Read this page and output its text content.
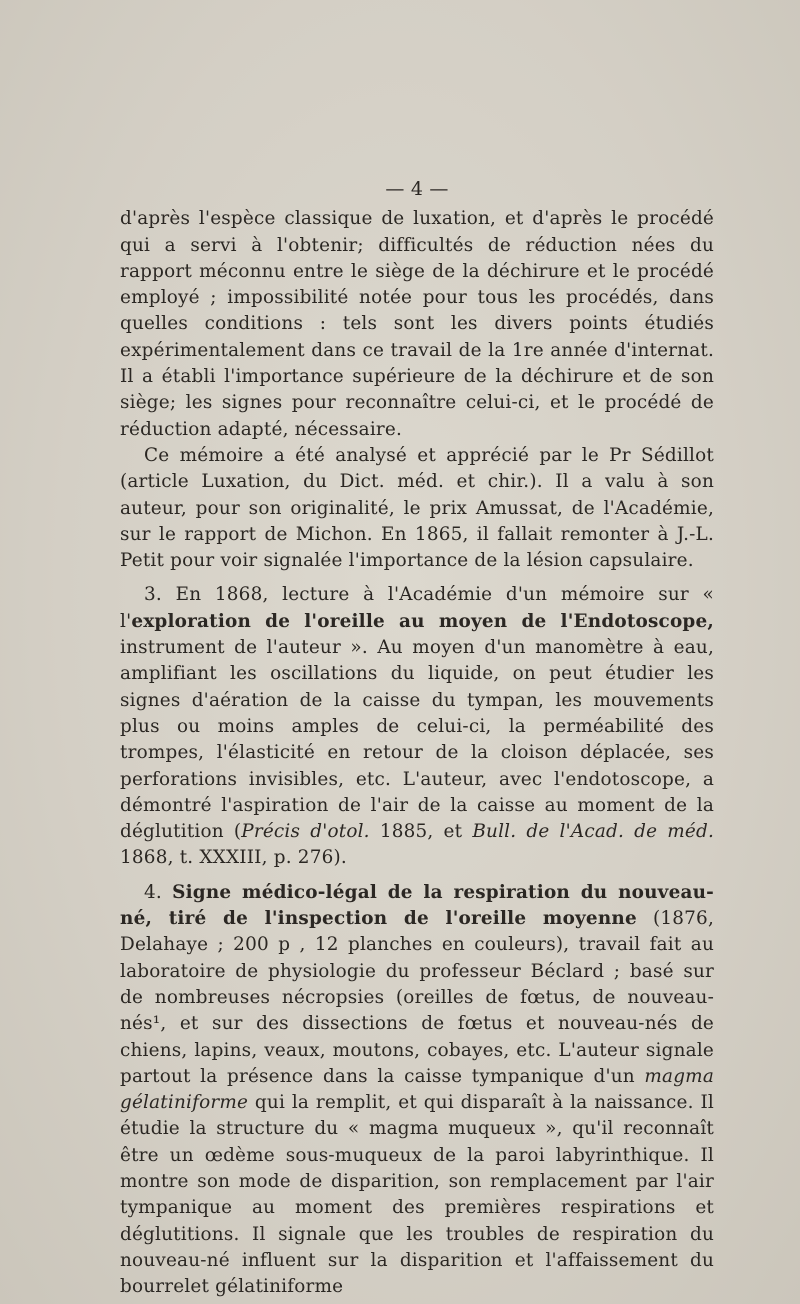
— 4 —

d'après l'espèce classique de luxation, et d'après le procédé qui a servi à l'obtenir; difficultés de réduction nées du rapport méconnu entre le siège de la déchirure et le procédé employé ; impossibilité notée pour tous les procédés, dans quelles conditions : tels sont les divers points étudiés expérimentalement dans ce travail de la 1re année d'internat. Il a établi l'importance supérieure de la déchirure et de son siège; les signes pour reconnaître celui-ci, et le procédé de réduction adapté, nécessaire.

Ce mémoire a été analysé et apprécié par le Pr Sédillot (article Luxation, du Dict. méd. et chir.). Il a valu à son auteur, pour son originalité, le prix Amussat, de l'Académie, sur le rapport de Michon. En 1865, il fallait remonter à J.-L. Petit pour voir signalée l'importance de la lésion capsulaire.

3. En 1868, lecture à l'Académie d'un mémoire sur « l'exploration de l'oreille au moyen de l'Endotoscope, instrument de l'auteur ». Au moyen d'un manomètre à eau, amplifiant les oscillations du liquide, on peut étudier les signes d'aération de la caisse du tympan, les mouvements plus ou moins amples de celui-ci, la perméabilité des trompes, l'élasticité en retour de la cloison déplacée, ses perforations invisibles, etc. L'auteur, avec l'endotoscope, a démontré l'aspiration de l'air de la caisse au moment de la déglutition (Précis d'otol. 1885, et Bull. de l'Acad. de méd. 1868, t. XXXIII, p. 276).

4. Signe médico-légal de la respiration du nouveau-né, tiré de l'inspection de l'oreille moyenne (1876, Delahaye ; 200 p , 12 planches en couleurs), travail fait au laboratoire de physiologie du professeur Béclard ; basé sur de nombreuses nécropsies (oreilles de fœtus, de nouveau-nés¹, et sur des dissections de fœtus et nouveau-nés de chiens, lapins, veaux, moutons, cobayes, etc. L'auteur signale partout la présence dans la caisse tympanique d'un magma gélatiniforme qui la remplit, et qui disparaît à la naissance. Il étudie la structure du « magma muqueux », qu'il reconnaît être un œdème sous-muqueux de la paroi labyrinthique. Il montre son mode de disparition, son remplacement par l'air tympanique au moment des premières respirations et déglutitions. Il signale que les troubles de respiration du nouveau-né influent sur la disparition et l'affaissement du bourrelet gélatiniforme
